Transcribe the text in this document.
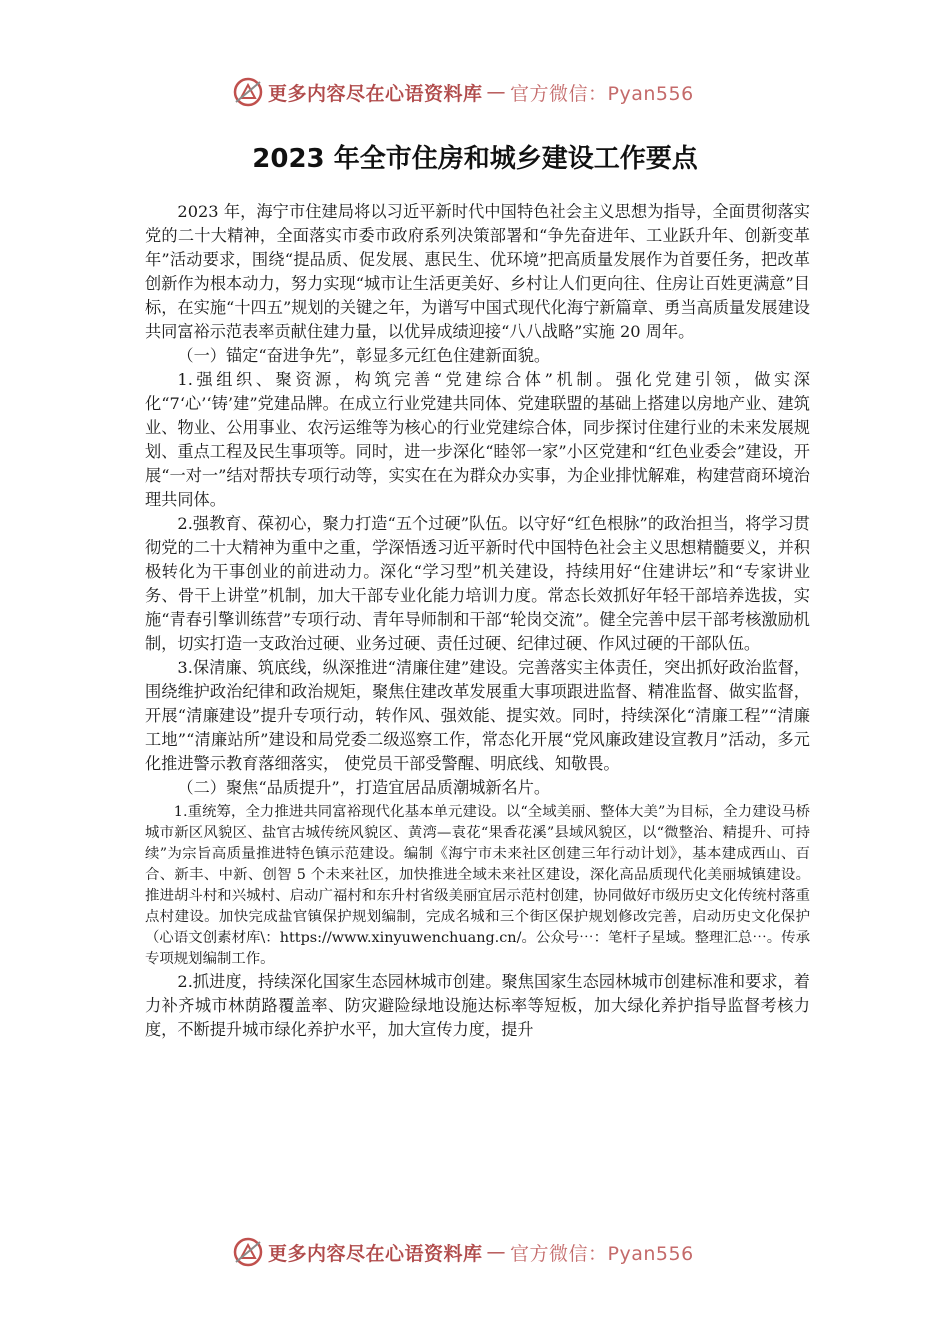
更多内容尽在心语资料库 — 官方微信：Pyan556
2023 年全市住房和城乡建设工作要点

2023 年，海宁市住建局将以习近平新时代中国特色社会主义思想为指导，全面贯彻落实党的二十大精神，全面落实市委市政府系列决策部署和“争先奋进年、工业跃升年、创新变革年”活动要求，围绕“提品质、促发展、惠民生、优环境”把高质量发展作为首要任务，把改革创新作为根本动力，努力实现“城市让生活更美好、乡村让人们更向往、住房让百姓更满意”目标，在实施“十四五”规划的关键之年，为谱写中国式现代化海宁新篇章、勇当高质量发展建设共同富裕示范表率贡献住建力量，以优异成绩迎接“八八战略”实施 20 周年。

（一）锚定“奋进争先”，彰显多元红色住建新面貌。

1.强组织、聚资源，构筑完善“党建综合体”机制。强化党建引领，做实深化“7‘心’‘铸’建”党建品牌。在成立行业党建共同体、党建联盟的基础上搭建以房地产业、建筑业、物业、公用事业、农污运维等为核心的行业党建综合体，同步探讨住建行业的未来发展规划、重点工程及民生事项等。同时，进一步深化“睦邻一家”小区党建和“红色业委会”建设，开展“一对一”结对帮扶专项行动等，实实在在为群众办实事，为企业排忧解难，构建营商环境治理共同体。

2.强教育、葆初心，聚力打造“五个过硬”队伍。以守好“红色根脉”的政治担当，将学习贯彻党的二十大精神为重中之重，学深悟透习近平新时代中国特色社会主义思想精髓要义，并积极转化为干事创业的前进动力。深化“学习型”机关建设，持续用好“住建讲坛”和“专家讲业务、骨干上讲堂”机制，加大干部专业化能力培训力度。常态长效抓好年轻干部培养选拔，实施“青春引擎训练营”专项行动、青年导师制和干部“轮岗交流”。健全完善中层干部考核激励机制，切实打造一支政治过硬、业务过硬、责任过硬、纪律过硬、作风过硬的干部队伍。

3.保清廉、筑底线，纵深推进“清廉住建”建设。完善落实主体责任，突出抓好政治监督，围绕维护政治纪律和政治规矩，聚焦住建改革发展重大事项跟进监督、精准监督、做实监督，开展“清廉建设”提升专项行动，转作风、强效能、提实效。同时，持续深化“清廉工程”“清廉工地”“清廉站所”建设和局党委二级巡察工作，常态化开展“党风廉政建设宣教月”活动，多元化推进警示教育落细落实， 使党员干部受警醒、明底线、知敬畏。

（二）聚焦“品质提升”，打造宜居品质潮城新名片。

1.重统筹，全力推进共同富裕现代化基本单元建设。以“全域美丽、整体大美”为目标，全力建设马桥城市新区风貌区、盐官古城传统风貌区、黄湾—袁花“果香花溪”县域风貌区，以“微整治、精提升、可持续”为宗旨高质量推进特色镇示范建设。编制《海宁市未来社区创建三年行动计划》，基本建成西山、百合、新丰、中新、创智 5 个未来社区，加快推进全域未来社区建设，深化高品质现代化美丽城镇建设。推进胡斗村和兴城村、启动广福村和东升村省级美丽宜居示范村创建，协同做好市级历史文化传统村落重点村建设。加快完成盐官镇保护规划编制，完成名城和三个街区保护规划修改完善，启动历史文化保护（心语文创素材库\：https://www.xinyuwenchuang.cn/。公众号⋯：笔杆子星域。整理汇总⋯。传承专项规划编制工作。

2.抓进度，持续深化国家生态园林城市创建。聚焦国家生态园林城市创建标准和要求，着力补齐城市林荫路覆盖率、防灾避险绿地设施达标率等短板，加大绿化养护指导监督考核力度，不断提升城市绿化养护水平，加大宣传力度，提升

更多内容尽在心语资料库 — 官方微信：Pyan556
